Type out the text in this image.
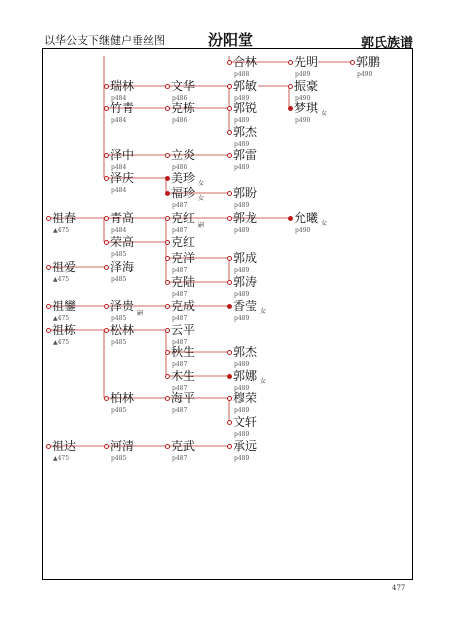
以华公支下继健户垂丝图	汾阳堂	郭氏族谱
合林
p488
先明
p489
郭鹏
p490
瑞林
p484
文华
p486
郭敏
p489
振豪
p490
竹青
p484
克栋
p486
郭锐
p489
梦琪
p490
女
郭杰
p489
泽中
p484
立炎
p486
郭雷
p489
泽庆
p484
美珍 女
福珍
p487
女 郭盼
p489
祖春
▲475
青高
p484
克红
p487
嗣
郭龙
p489
允曦
p490
女
荣高
p485
克红
祖爱
▲475
泽海
p485
克洋
p487
郭成
p489
克陆
p487
郭涛
p489
祖鑾
▲475
泽贵
p485
嗣
克成
p487
香莹
p489
女
祖栋
▲475
松林
p485
云平
p487
秋生
p487
郭杰
p489
木生
p487
郭娜
p489
女
柏林
p485
海平
p487
穆荣
p489
文轩
p489
祖达
▲475
河清
p485
克武
p487
承远
p489
477
